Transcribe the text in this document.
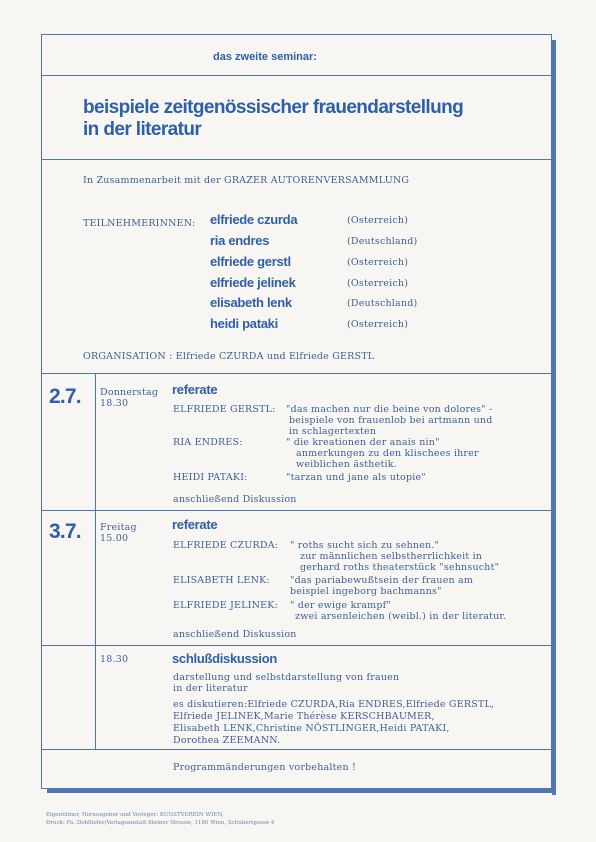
das zweite seminar:
beispiele zeitgenössischer frauendarstellung
in der literatur
In Zusammenarbeit mit der GRAZER AUTORENVERSAMMLUNG
TEILNEHMERINNEN: elfriede czurda	(Osterreich)
ria endres	(Deutschland)
elfriede gerstl	(Osterreich)
elfriede jelinek	(Osterreich)
elisabeth lenk	(Deutschland)
heidi pataki	(Osterreich)
ORGANISATION : Elfriede CZURDA und Elfriede GERSTL
2.7. Donnerstag
18.30
referate
ELFRIEDE GERSTL: "das machen nur die beine von dolores" -
beispiele von frauenlob bei artmann und
in schlagertexten
RIA ENDRES:	" die kreationen der anais nin"
anmerkungen zu den klischees ihrer
weiblichen ästhetik.
HEIDI PATAKI:	"tarzan und jane als utopie"
anschließend Diskussion
3.7. Freitag
15.00
referate
ELFRIEDE CZURDA: " roths sucht sich zu sehnen."
zur männlichen selbstherrlichkeit in
gerhard roths theaterstück "sehnsucht"
ELISABETH LENK: "das pariabewußtsein der frauen am
beispiel ingeborg bachmanns"
ELFRIEDE JELINEK: " der ewige krampf"
zwei arsenleichen (weibl.) in der literatur.
anschließend Diskussion
18.30	schlußdiskussion
darstellung und selbstdarstellung von frauen
in der literatur
es diskutieren:Elfriede CZURDA,Ria ENDRES,Elfriede GERSTL,
Elfriede JELINEK,Marie Thérèse KERSCHBAUMER,
Elisabeth LENK,Christine NÖSTLINGER,Heidi PATAKI,
Dorothea ZEEMANN.
Programmänderungen vorbehalten !
Eigentümer, Herausgeber und Verleger: KUNSTVEREIN WIEN,
Druck: Fa. Doblhofer/Verlagsanstalt Steiner Strasse, 1180 Wien, Schubertgasse 4
